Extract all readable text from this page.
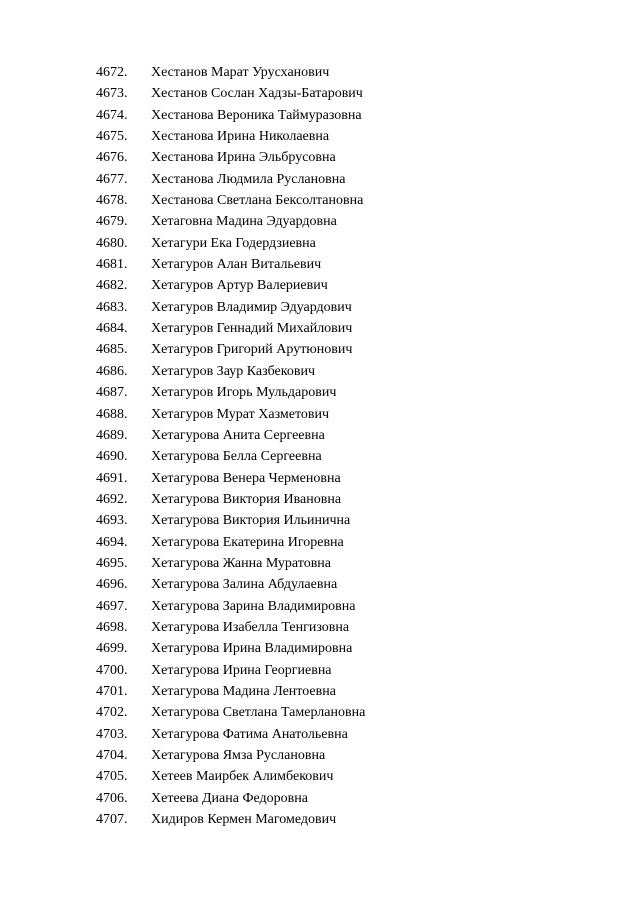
4672.	Хестанов Марат Урусханович
4673.	Хестанов Сослан Хадзы-Батарович
4674.	Хестанова Вероника Таймуразовна
4675.	Хестанова Ирина Николаевна
4676.	Хестанова Ирина Эльбрусовна
4677.	Хестанова Людмила Руслановна
4678.	Хестанова Светлана Бексолтановна
4679.	Хетаговна Мадина Эдуардовна
4680.	Хетагури Ека Годердзиевна
4681.	Хетагуров Алан Витальевич
4682.	Хетагуров Артур Валериевич
4683.	Хетагуров Владимир Эдуардович
4684.	Хетагуров Геннадий Михайлович
4685.	Хетагуров Григорий Арутюнович
4686.	Хетагуров Заур Казбекович
4687.	Хетагуров Игорь Мульдарович
4688.	Хетагуров Мурат Хазметович
4689.	Хетагурова Анита Сергеевна
4690.	Хетагурова Белла Сергеевна
4691.	Хетагурова Венера Черменовна
4692.	Хетагурова Виктория Ивановна
4693.	Хетагурова Виктория Ильинична
4694.	Хетагурова Екатерина Игоревна
4695.	Хетагурова Жанна Муратовна
4696.	Хетагурова Залина Абдулаевна
4697.	Хетагурова Зарина Владимировна
4698.	Хетагурова Изабелла Тенгизовна
4699.	Хетагурова Ирина Владимировна
4700.	Хетагурова Ирина Георгиевна
4701.	Хетагурова Мадина Лентоевна
4702.	Хетагурова Светлана Тамерлановна
4703.	Хетагурова Фатима Анатольевна
4704.	Хетагурова Ямза Руслановна
4705.	Хетеев Маирбек Алимбекович
4706.	Хетеева Диана Федоровна
4707.	Хидиров Кермен Магомедович
